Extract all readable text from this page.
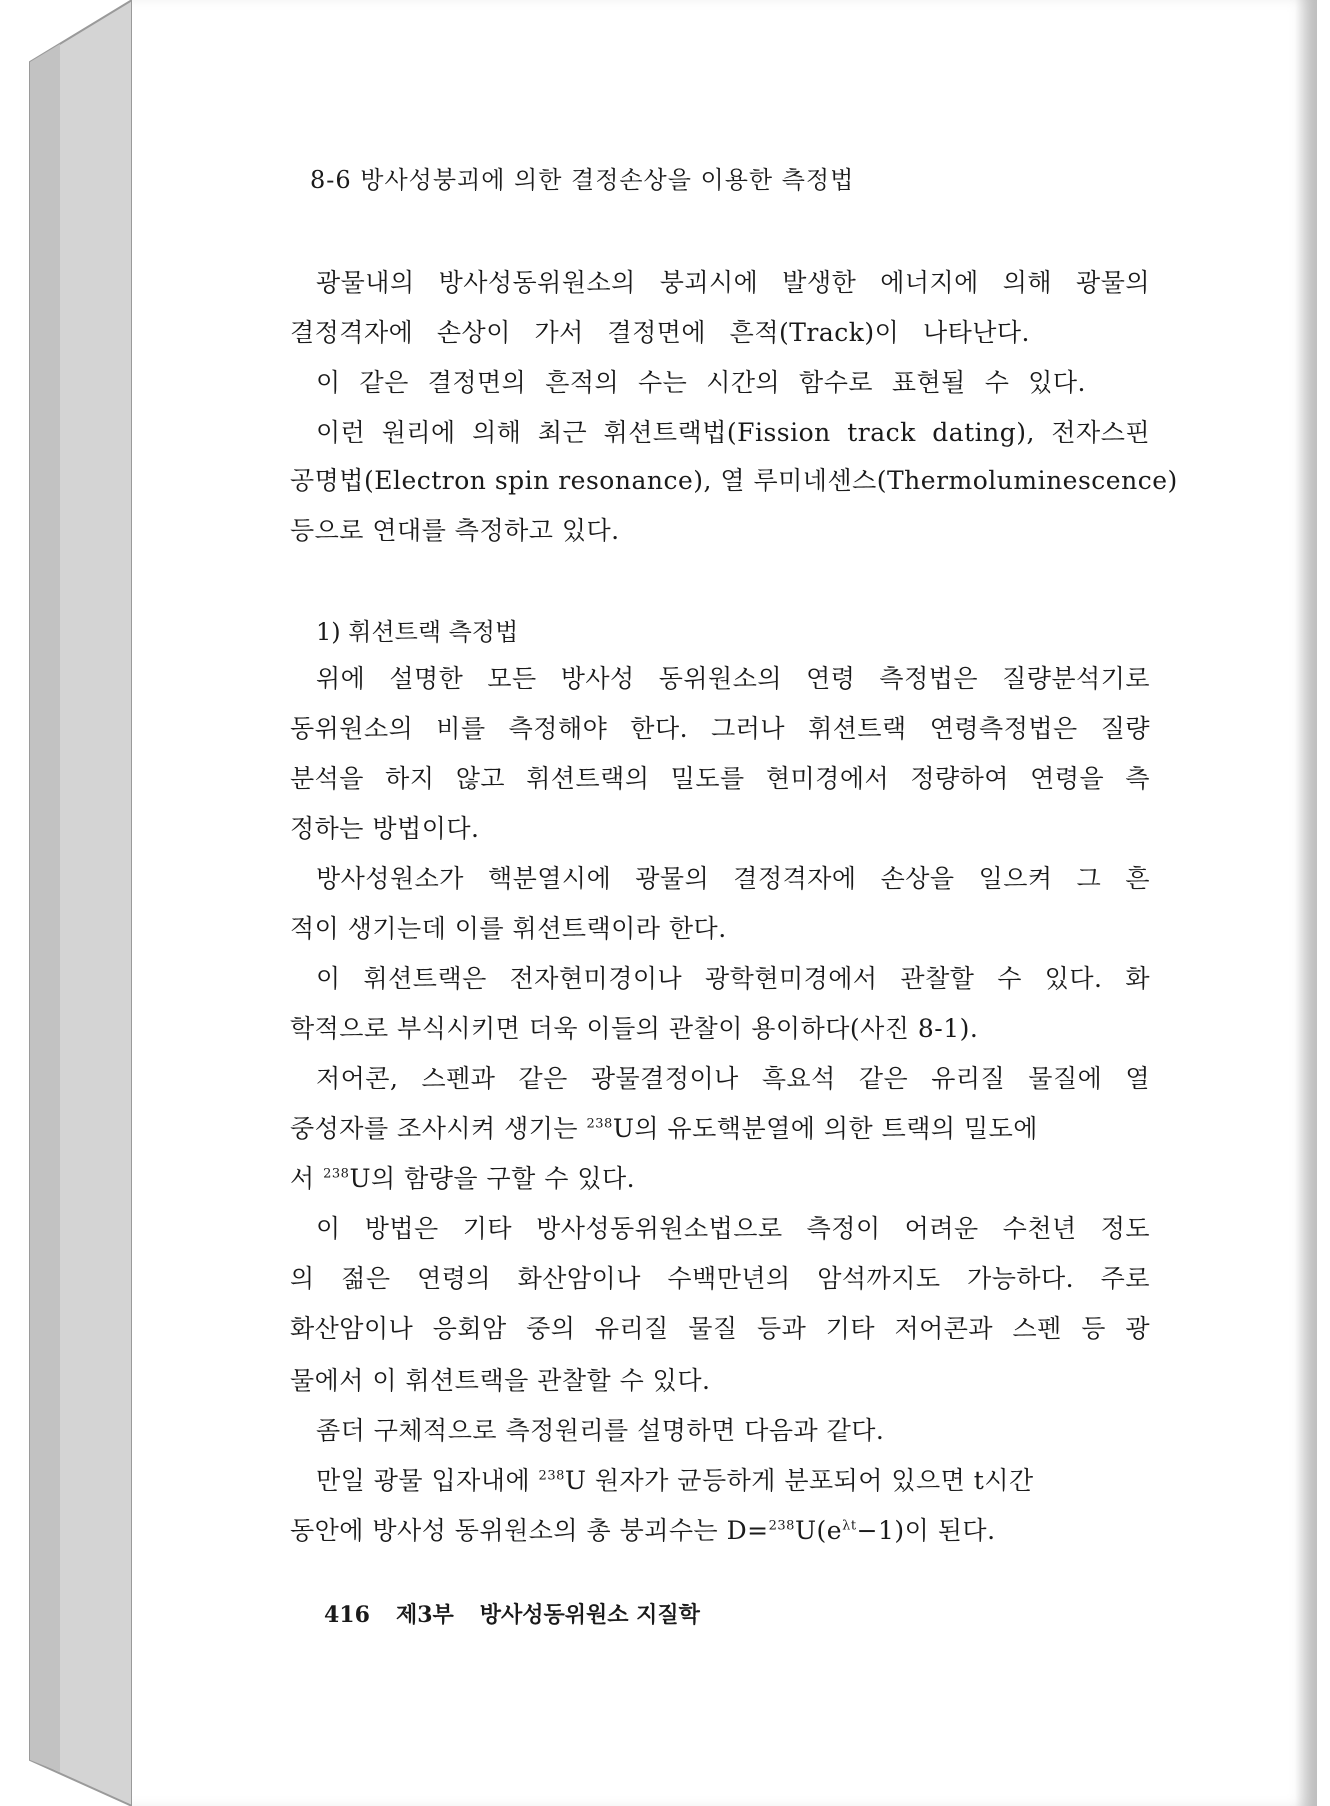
8-6 방사성붕괴에 의한 결정손상을 이용한 측정법
광물내의 방사성동위원소의 붕괴시에 발생한 에너지에 의해 광물의
결정격자에 손상이 가서 결정면에 흔적(Track)이 나타난다.
이 같은 결정면의 흔적의 수는 시간의 함수로 표현될 수 있다.
이런 원리에 의해 최근 휘션트랙법(Fission track dating), 전자스핀
공명법(Electron spin resonance), 열 루미네센스(Thermoluminescence)
등으로 연대를 측정하고 있다.
1) 휘션트랙 측정법
위에 설명한 모든 방사성 동위원소의 연령 측정법은 질량분석기로
동위원소의 비를 측정해야 한다. 그러나 휘션트랙 연령측정법은 질량
분석을 하지 않고 휘션트랙의 밀도를 현미경에서 정량하여 연령을 측
정하는 방법이다.
방사성원소가 핵분열시에 광물의 결정격자에 손상을 일으켜 그 흔
적이 생기는데 이를 휘션트랙이라 한다.
이 휘션트랙은 전자현미경이나 광학현미경에서 관찰할 수 있다. 화
학적으로 부식시키면 더욱 이들의 관찰이 용이하다(사진 8-1).
저어콘, 스펜과 같은 광물결정이나 흑요석 같은 유리질 물질에 열
중성자를 조사시켜 생기는 $^{238}$U의 유도핵분열에 의한 트랙의 밀도에
서 $^{238}$U의 함량을 구할 수 있다.
이 방법은 기타 방사성동위원소법으로 측정이 어려운 수천년 정도
의 젊은 연령의 화산암이나 수백만년의 암석까지도 가능하다. 주로
화산암이나 응회암 중의 유리질 물질 등과 기타 저어콘과 스펜 등 광
물에서 이 휘션트랙을 관찰할 수 있다.
좀더 구체적으로 측정원리를 설명하면 다음과 같다.
만일 광물 입자내에 $^{238}$U 원자가 균등하게 분포되어 있으면 t시간
동안에 방사성 동위원소의 총 붕괴수는 $D=^{238}U(e^{\lambda t}-1)$이 된다.
416 제3부 방사성동위원소 지질학
